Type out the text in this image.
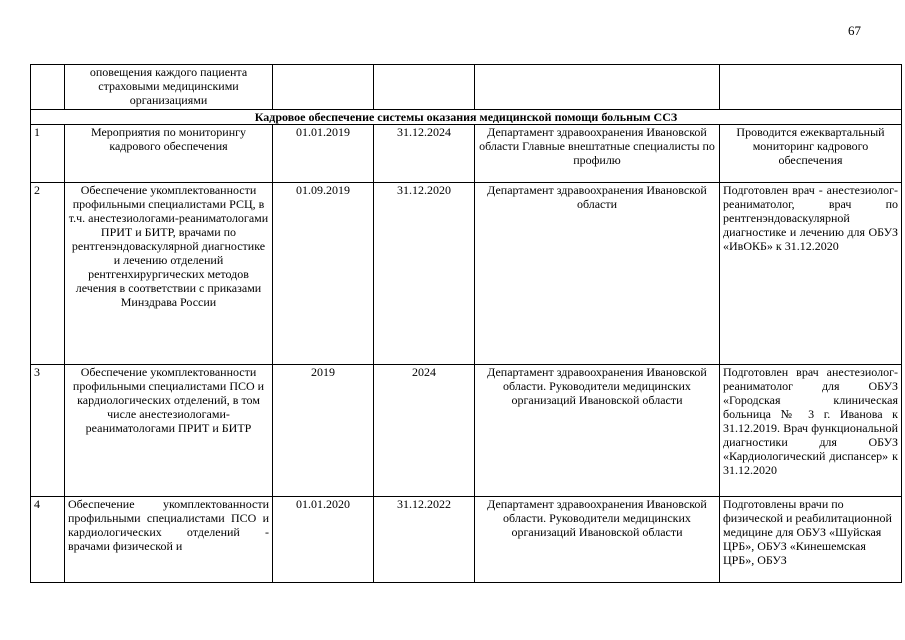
67
	оповещения каждого пациента страховыми медицинскими организациями				
Кадровое обеспечение системы оказания медицинской помощи больным ССЗ					
1	Мероприятия по мониторингу кадрового обеспечения	01.01.2019	31.12.2024	Департамент здравоохранения Ивановской области Главные внештатные специалисты по профилю	Проводится ежеквартальный мониторинг кадрового обеспечения
2	Обеспечение укомплектованности профильными специалистами РСЦ, в т.ч. анестезиологами-реаниматологами ПРИТ и БИТР, врачами по рентгенэндоваскулярной диагностике и лечению отделений рентгенхирургических методов лечения в соответствии с приказами Минздрава России	01.09.2019	31.12.2020	Департамент здравоохранения Ивановской области	Подготовлен врач - анестезиолог-реаниматолог, врач по рентгенэндоваскулярной диагностике и лечению для ОБУЗ «ИвОКБ» к 31.12.2020
3	Обеспечение укомплектованности профильными специалистами ПСО и кардиологических отделений, в том числе анестезиологами-реаниматологами ПРИТ и БИТР	2019	2024	Департамент здравоохранения Ивановской области. Руководители медицинских организаций Ивановской области	Подготовлен врач анестезиолог-реаниматолог для ОБУЗ «Городская клиническая больница № 3 г. Иванова к 31.12.2019. Врач функциональной диагностики для ОБУЗ «Кардиологический диспансер» к 31.12.2020
4	Обеспечение укомплектованности профильными специалистами ПСО и кардиологических отделений - врачами физической и	01.01.2020	31.12.2022	Департамент здравоохранения Ивановской области. Руководители медицинских организаций Ивановской области	Подготовлены врачи по физической и реабилитационной медицине для ОБУЗ «Шуйская ЦРБ», ОБУЗ «Кинешемская ЦРБ», ОБУЗ
